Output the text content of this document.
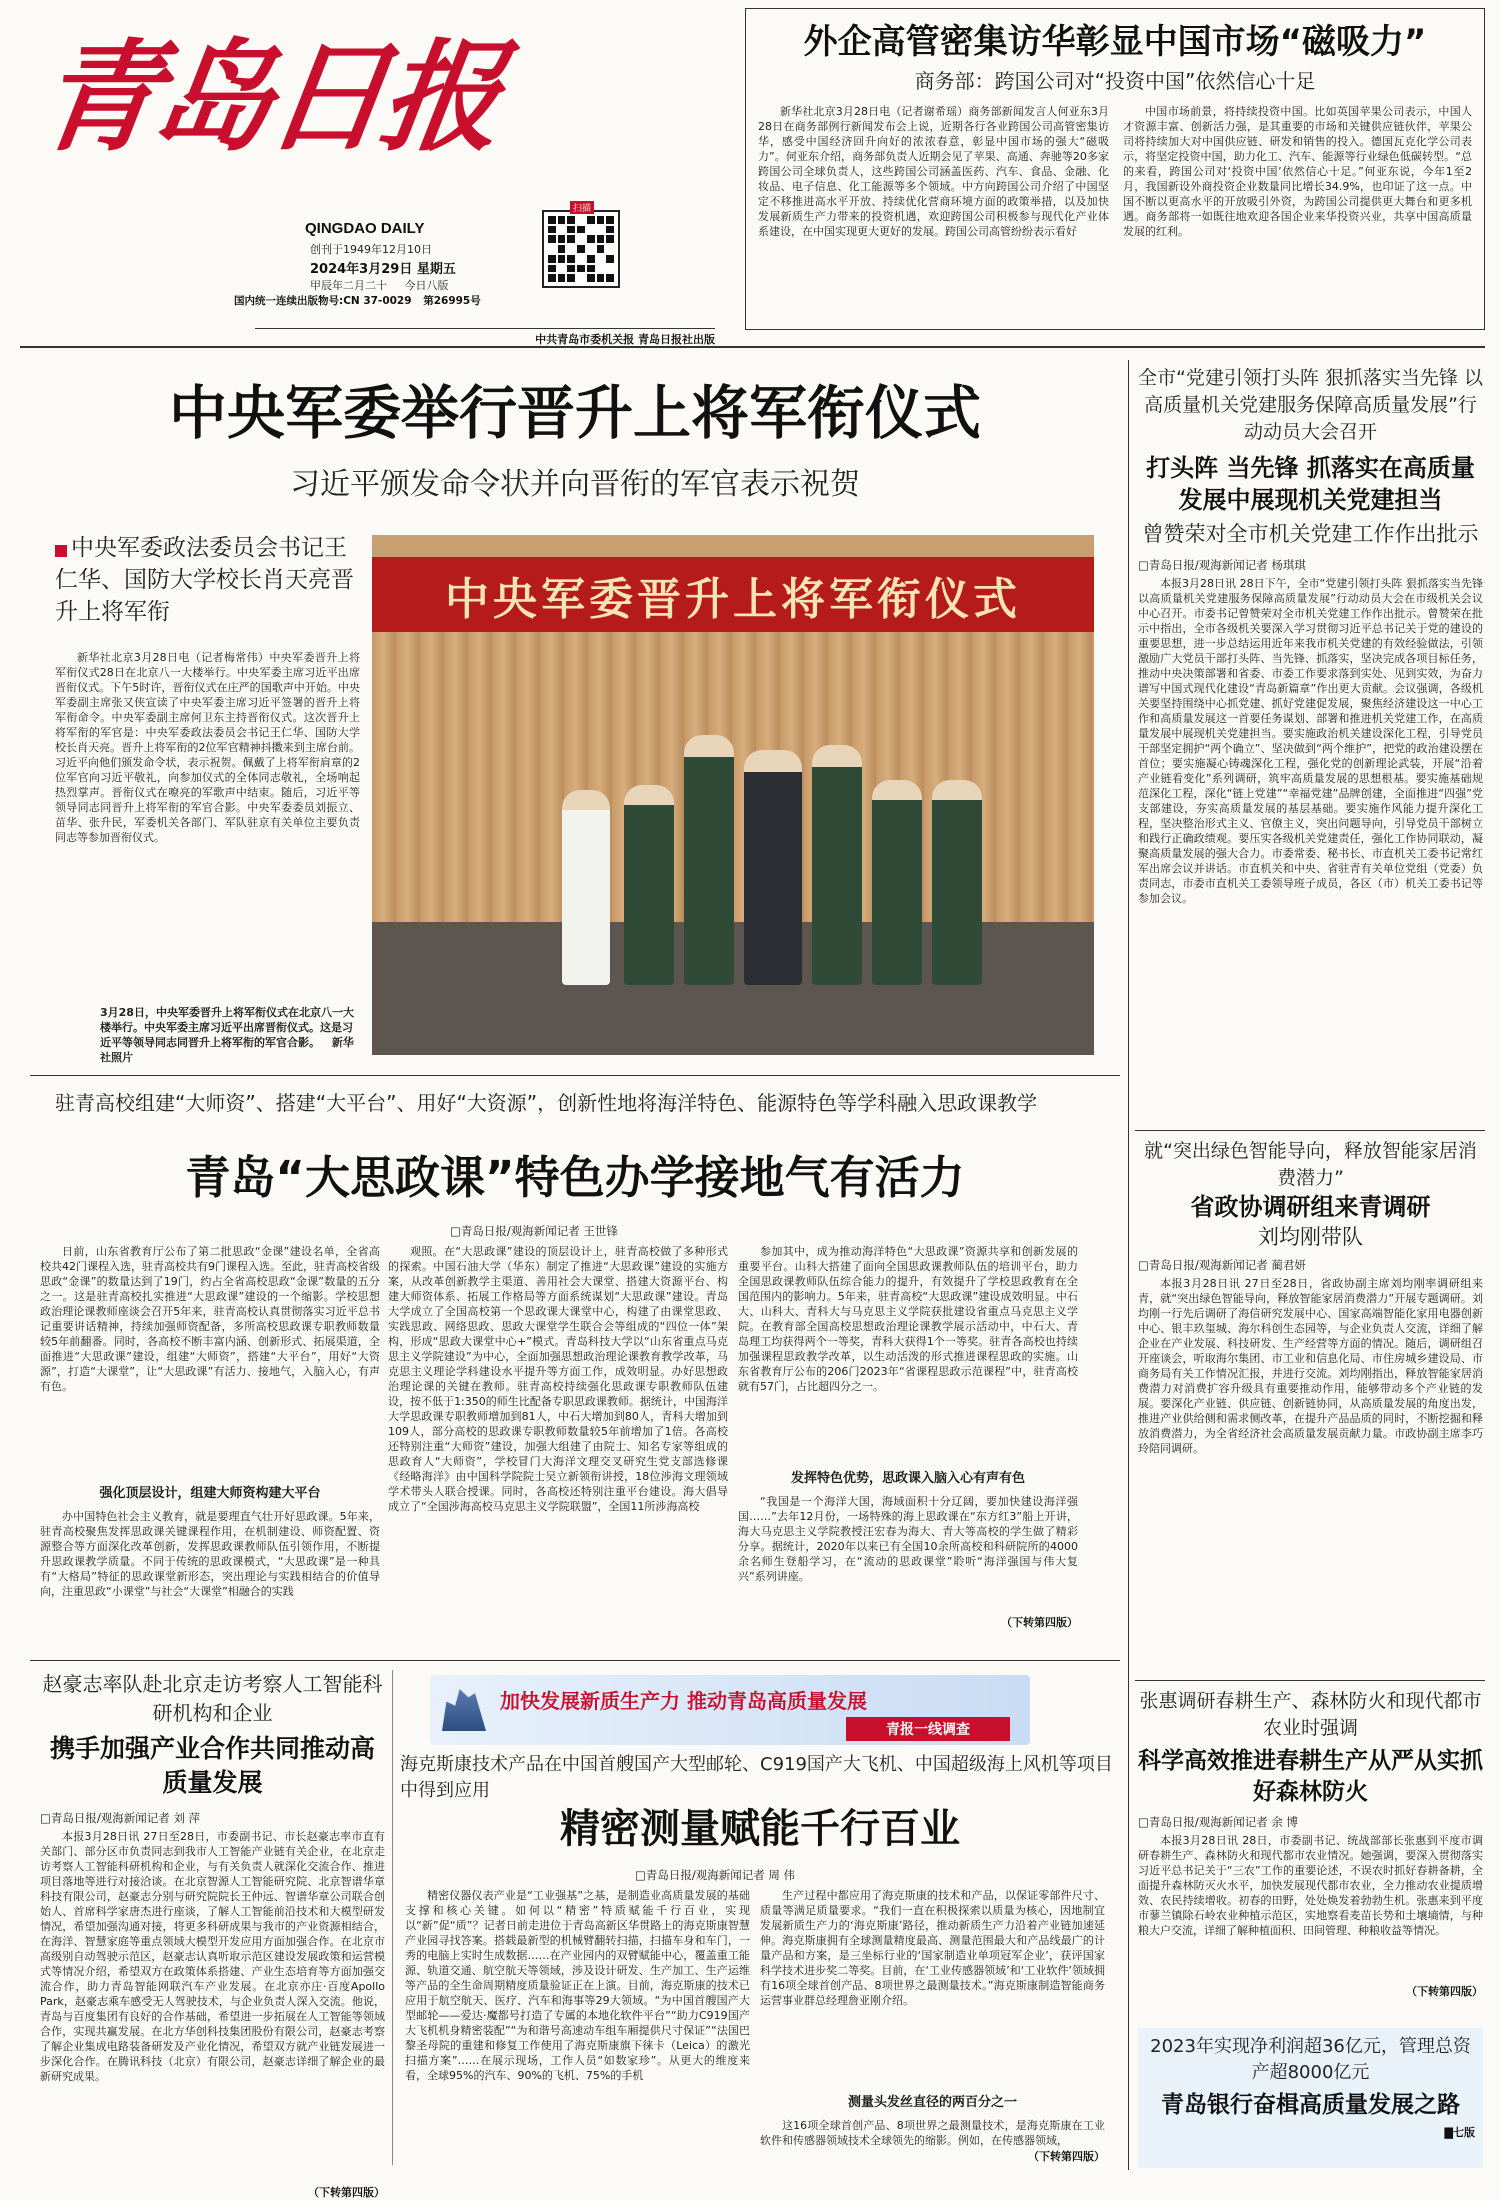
青岛日报
QINGDAO DAILY
创刊于1949年12月10日
2024年3月29日 星期五
甲辰年二月二十 今日八版
国内统一连续出版物号:CN 37-0029 第26995号
扫描
中共青岛市委机关报 青岛日报社出版
外企高管密集访华彰显中国市场“磁吸力”
商务部：跨国公司对“投资中国”依然信心十足
新华社北京3月28日电（记者谢希瑶）商务部新闻发言人何亚东3月28日在商务部例行新闻发布会上说，近期各行各业跨国公司高管密集访华，感受中国经济回升向好的浓浓春意，彰显中国市场的强大“磁吸力”。何亚东介绍，商务部负责人近期会见了苹果、高通、奔驰等20多家跨国公司全球负责人，这些跨国公司涵盖医药、汽车、食品、金融、化妆品、电子信息、化工能源等多个领域。中方向跨国公司介绍了中国坚定不移推进高水平开放、持续优化营商环境方面的政策举措，以及加快发展新质生产力带来的投资机遇，欢迎跨国公司积极参与现代化产业体系建设，在中国实现更大更好的发展。跨国公司高管纷纷表示看好
中国市场前景，将持续投资中国。比如英国苹果公司表示，中国人才资源丰富、创新活力强，是其重要的市场和关键供应链伙伴，苹果公司将持续加大对中国供应链、研发和销售的投入。德国瓦克化学公司表示，将坚定投资中国，助力化工、汽车、能源等行业绿色低碳转型。“总的来看，跨国公司对‘投资中国’依然信心十足。”何亚东说，今年1至2月，我国新设外商投资企业数量同比增长34.9%，也印证了这一点。中国不断以更高水平的开放吸引外资，为跨国公司提供更大舞台和更多机遇。商务部将一如既往地欢迎各国企业来华投资兴业，共享中国高质量发展的红利。
中央军委举行晋升上将军衔仪式
习近平颁发命令状并向晋衔的军官表示祝贺
中央军委政法委员会书记王仁华、国防大学校长肖天亮晋升上将军衔
新华社北京3月28日电（记者梅常伟）中央军委晋升上将军衔仪式28日在北京八一大楼举行。中央军委主席习近平出席晋衔仪式。下午5时许，晋衔仪式在庄严的国歌声中开始。中央军委副主席张又侠宣读了中央军委主席习近平签署的晋升上将军衔命令。中央军委副主席何卫东主持晋衔仪式。这次晋升上将军衔的军官是：中央军委政法委员会书记王仁华、国防大学校长肖天亮。晋升上将军衔的2位军官精神抖擞来到主席台前。习近平向他们颁发命令状，表示祝贺。佩戴了上将军衔肩章的2位军官向习近平敬礼，向参加仪式的全体同志敬礼，全场响起热烈掌声。晋衔仪式在嘹亮的军歌声中结束。随后，习近平等领导同志同晋升上将军衔的军官合影。中央军委委员刘振立、苗华、张升民，军委机关各部门、军队驻京有关单位主要负责同志等参加晋衔仪式。
3月28日，中央军委晋升上将军衔仪式在北京八一大楼举行。中央军委主席习近平出席晋衔仪式。这是习近平等领导同志同晋升上将军衔的军官合影。 新华社照片
中央军委晋升上将军衔仪式
驻青高校组建“大师资”、搭建“大平台”、用好“大资源”，创新性地将海洋特色、能源特色等学科融入思政课教学
青岛“大思政课”特色办学接地气有活力
□青岛日报/观海新闻记者 王世锋
日前，山东省教育厅公布了第二批思政“金课”建设名单，全省高校共42门课程入选，驻青高校共有9门课程入选。至此，驻青高校省级思政“金课”的数量达到了19门，约占全省高校思政“金课”数量的五分之一。这是驻青高校扎实推进“大思政课”建设的一个缩影。学校思想政治理论课教师座谈会召开5年来，驻青高校认真贯彻落实习近平总书记重要讲话精神，持续加强师资配备，多所高校思政课专职教师数量较5年前翻番。同时，各高校不断丰富内涵、创新形式、拓展渠道，全面推进“大思政课”建设，组建“大师资”，搭建“大平台”，用好“大资源”，打造“大课堂”，让“大思政课”有活力、接地气，入脑入心，有声有色。
强化顶层设计，组建大师资构建大平台
办中国特色社会主义教育，就是要理直气壮开好思政课。5年来，驻青高校聚焦发挥思政课关键课程作用，在机制建设、师资配置、资源整合等方面深化改革创新，发挥思政课教师队伍引领作用，不断提升思政课教学质量。不同于传统的思政课模式，“大思政课”是一种具有“大格局”特征的思政课堂新形态，突出理论与实践相结合的价值导向，注重思政“小课堂”与社会“大课堂”相融合的实践
观照。在“大思政课”建设的顶层设计上，驻青高校做了多种形式的探索。中国石油大学（华东）制定了推进“大思政课”建设的实施方案，从改革创新教学主渠道、善用社会大课堂、搭建大资源平台、构建大师资体系、拓展工作格局等方面系统谋划“大思政课”建设。青岛大学成立了全国高校第一个思政课大课堂中心，构建了由课堂思政、实践思政、网络思政、思政大课堂学生联合会等组成的“四位一体”架构，形成“思政大课堂中心+”模式。青岛科技大学以“山东省重点马克思主义学院建设”为中心，全面加强思想政治理论课教育教学改革，马克思主义理论学科建设水平提升等方面工作，成效明显。办好思想政治理论课的关键在教师。驻青高校持续强化思政课专职教师队伍建设，按不低于1:350的师生比配备专职思政课教师。据统计，中国海洋大学思政课专职教师增加到81人，中石大增加到80人，青科大增加到109人，部分高校的思政课专职教师数量较5年前增加了1倍。各高校还特别注重“大师资”建设，加强大组建了由院士、知名专家等组成的思政育人“大师资”，学校冒门大海洋文理交叉研究生党支部选修课《经略海洋》由中国科学院院士吴立新领衔讲授，18位涉海文理领域学术带头人联合授课。同时，各高校还特别注重平台建设。海大倡导成立了“全国涉海高校马克思主义学院联盟”，全国11所涉海高校
参加其中，成为推动海洋特色“大思政课”资源共享和创新发展的重要平台。山科大搭建了面向全国思政课教师队伍的培训平台，助力全国思政课教师队伍综合能力的提升，有效提升了学校思政教育在全国范围内的影响力。5年来，驻青高校“大思政课”建设成效明显。中石大、山科大、青科大与马克思主义学院获批建设省重点马克思主义学院。在教育部全国高校思想政治理论课教学展示活动中，中石大、青岛理工均获得两个一等奖，青科大获得1个一等奖。驻青各高校也持续加强课程思政教学改革，以生动活泼的形式推进课程思政的实施。山东省教育厅公布的206门2023年“省课程思政示范课程”中，驻青高校就有57门，占比超四分之一。
发挥特色优势，思政课入脑入心有声有色
“我国是一个海洋大国，海域面积十分辽阔，要加快建设海洋强国……”去年12月份，一场特殊的海上思政课在“东方红3”船上开讲，海大马克思主义学院教授汪宏春为海大、青大等高校的学生做了精彩分享。据统计，2020年以来已有全国10余所高校和科研院所的4000余名师生登船学习，在“流动的思政课堂”聆听“海洋强国与伟大复兴”系列讲座。
（下转第四版）
赵豪志率队赴北京走访考察人工智能科研机构和企业
携手加强产业合作共同推动高质量发展
□青岛日报/观海新闻记者 刘 萍
本报3月28日讯 27日至28日，市委副书记、市长赵豪志率市直有关部门、部分区市负责同志到我市人工智能产业链有关企业，在北京走访考察人工智能科研机构和企业，与有关负责人就深化交流合作、推进项目落地等进行对接洽谈。在北京智源人工智能研究院、北京智谱华章科技有限公司，赵豪志分别与研究院院长王仲远、智谱华章公司联合创始人、首席科学家唐杰进行座谈，了解人工智能前沿技术和大模型研发情况，希望加强沟通对接，将更多科研成果与我市的产业资源相结合，在海洋、智慧家庭等重点领域大模型开发应用方面加强合作。在北京市高级别自动驾驶示范区，赵豪志认真听取示范区建设发展政策和运营模式等情况介绍，希望双方在政策体系搭建、产业生态培育等方面加强交流合作，助力青岛智能网联汽车产业发展。在北京亦庄·百度Apollo Park，赵豪志乘车感受无人驾驶技术，与企业负责人深入交流。他说，青岛与百度集团有良好的合作基础，希望进一步拓展在人工智能等领域合作，实现共赢发展。在北方华创科技集团股份有限公司，赵豪志考察了解企业集成电路装备研发及产业化情况，希望双方就产业链发展进一步深化合作。在腾讯科技（北京）有限公司，赵豪志详细了解企业的最新研究成果。
（下转第四版）
加快发展新质生产力 推动青岛高质量发展
青报一线调查
海克斯康技术产品在中国首艘国产大型邮轮、C919国产大飞机、中国超级海上风机等项目中得到应用
精密测量赋能千行百业
□青岛日报/观海新闻记者 周 伟
精密仪器仪表产业是“工业强基”之基，是制造业高质量发展的基础支撑和核心关键。如何以“精密”特质赋能千行百业，实现以“新”促“质”？记者日前走进位于青岛高新区华贯路上的海克斯康智慧产业园寻找答案。搭载最新型的机械臂翻转扫描，扫描车身和车门，一秀的电脑上实时生成数据……在产业园内的双臂赋能中心，覆盖重工能源、轨道交通、航空航天等领域，涉及设计研发、生产加工、生产运维等产品的全生命周期精度质量验证正在上演。目前，海克斯康的技术已应用于航空航天、医疗、汽车和海事等29大领域。“为中国首艘国产大型邮轮——爱达·魔都号打造了专属的本地化软件平台”“助力C919国产大飞机机身精密装配”“为和谐号高速动车组车厢提供尺寸保证”“法国巴黎圣母院的重建和修复工作使用了海克斯康旗下徕卡（Leica）的激光扫描方案”……在展示现场，工作人员“如数家珍”。从更大的维度来看，全球95%的汽车、90%的飞机、75%的手机
生产过程中都应用了海克斯康的技术和产品，以保证零部件尺寸、质量等满足质量要求。“我们一直在积极探索以质量为核心，因地制宜发展新质生产力的‘海克斯康’路径，推动新质生产力沿着产业链加速延伸。海克斯康拥有全球测量精度最高、测量范围最大和产品线最广的计量产品和方案，是三坐标行业的‘国家制造业单项冠军企业’，获评国家科学技术进步奖二等奖。目前，在‘工业传感器领域’和‘工业软件’领域拥有16项全球首创产品、8项世界之最测量技术。”海克斯康制造智能商务运营事业群总经理詹亚刚介绍。
测量头发丝直径的两百分之一
这16项全球首创产品、8项世界之最测量技术，是海克斯康在工业软件和传感器领域技术全球领先的缩影。例如，在传感器领域，
（下转第四版）
全市“党建引领打头阵 狠抓落实当先锋 以高质量机关党建服务保障高质量发展”行动动员大会召开
打头阵 当先锋 抓落实在高质量发展中展现机关党建担当
曾赞荣对全市机关党建工作作出批示
□青岛日报/观海新闻记者 杨琪琪
本报3月28日讯 28日下午，全市“党建引领打头阵 狠抓落实当先锋 以高质量机关党建服务保障高质量发展”行动动员大会在市级机关会议中心召开。市委书记曾赞荣对全市机关党建工作作出批示。曾赞荣在批示中指出，全市各级机关要深入学习贯彻习近平总书记关于党的建设的重要思想，进一步总结运用近年来我市机关党建的有效经验做法，引领激励广大党员干部打头阵、当先锋、抓落实，坚决完成各项目标任务，推动中央决策部署和省委、市委工作要求落到实处、见到实效，为奋力谱写中国式现代化建设“青岛新篇章”作出更大贡献。会议强调，各级机关要坚持围绕中心抓党建、抓好党建促发展，聚焦经济建设这一中心工作和高质量发展这一首要任务谋划、部署和推进机关党建工作，在高质量发展中展现机关党建担当。要实施政治机关建设深化工程，引导党员干部坚定拥护“两个确立”、坚决做到“两个维护”，把党的政治建设摆在首位；要实施凝心铸魂深化工程，强化党的创新理论武装，开展“沿着产业链看变化”系列调研，筑牢高质量发展的思想根基。要实施基础规范深化工程，深化“链上党建”“幸福党建”品牌创建，全面推进“四强”党支部建设，夯实高质量发展的基层基础。要实施作风能力提升深化工程，坚决整治形式主义、官僚主义，突出问题导向，引导党员干部树立和践行正确政绩观。要压实各级机关党建责任，强化工作协同联动，凝聚高质量发展的强大合力。市委常委、秘书长、市直机关工委书记常红军出席会议并讲话。市直机关和中央、省驻青有关单位党组（党委）负责同志，市委市直机关工委领导班子成员，各区（市）机关工委书记等参加会议。
就“突出绿色智能导向，释放智能家居消费潜力”
省政协调研组来青调研
刘均刚带队
□青岛日报/观海新闻记者 蔺君妍
本报3月28日讯 27日至28日，省政协副主席刘均刚率调研组来青，就“突出绿色智能导向，释放智能家居消费潜力”开展专题调研。刘均刚一行先后调研了海信研究发展中心、国家高端智能化家用电器创新中心、银丰玖玺城、海尔科创生态园等，与企业负责人交流，详细了解企业在产业发展、科技研发、生产经营等方面的情况。随后，调研组召开座谈会，听取海尔集团、市工业和信息化局、市住房城乡建设局、市商务局有关工作情况汇报，并进行交流。刘均刚指出，释放智能家居消费潜力对消费扩容升级具有重要推动作用，能够带动多个产业链的发展。要深化产业链、供应链、创新链协同，从高质量发展的角度出发，推进产业供给侧和需求侧改革，在提升产品品质的同时，不断挖掘和释放消费潜力，为全省经济社会高质量发展贡献力量。市政协副主席李巧玲陪同调研。
张惠调研春耕生产、森林防火和现代都市农业时强调
科学高效推进春耕生产从严从实抓好森林防火
□青岛日报/观海新闻记者 余 博
本报3月28日讯 28日，市委副书记、统战部部长张惠到平度市调研春耕生产、森林防火和现代都市农业情况。她强调，要深入贯彻落实习近平总书记关于“三农”工作的重要论述，不误农时抓好春耕备耕，全面提升森林防灭火水平，加快发展现代都市农业，全力推动农业提质增效、农民持续增收。初春的田野，处处焕发着勃勃生机。张惠来到平度市蓼兰镇除石岭农业种植示范区，实地察看麦苗长势和土壤墒情，与种粮大户交流，详细了解种植面积、田间管理、种粮收益等情况。
（下转第四版）
2023年实现净利润超36亿元，管理总资产超8000亿元
青岛银行奋楫高质量发展之路
▇七版
